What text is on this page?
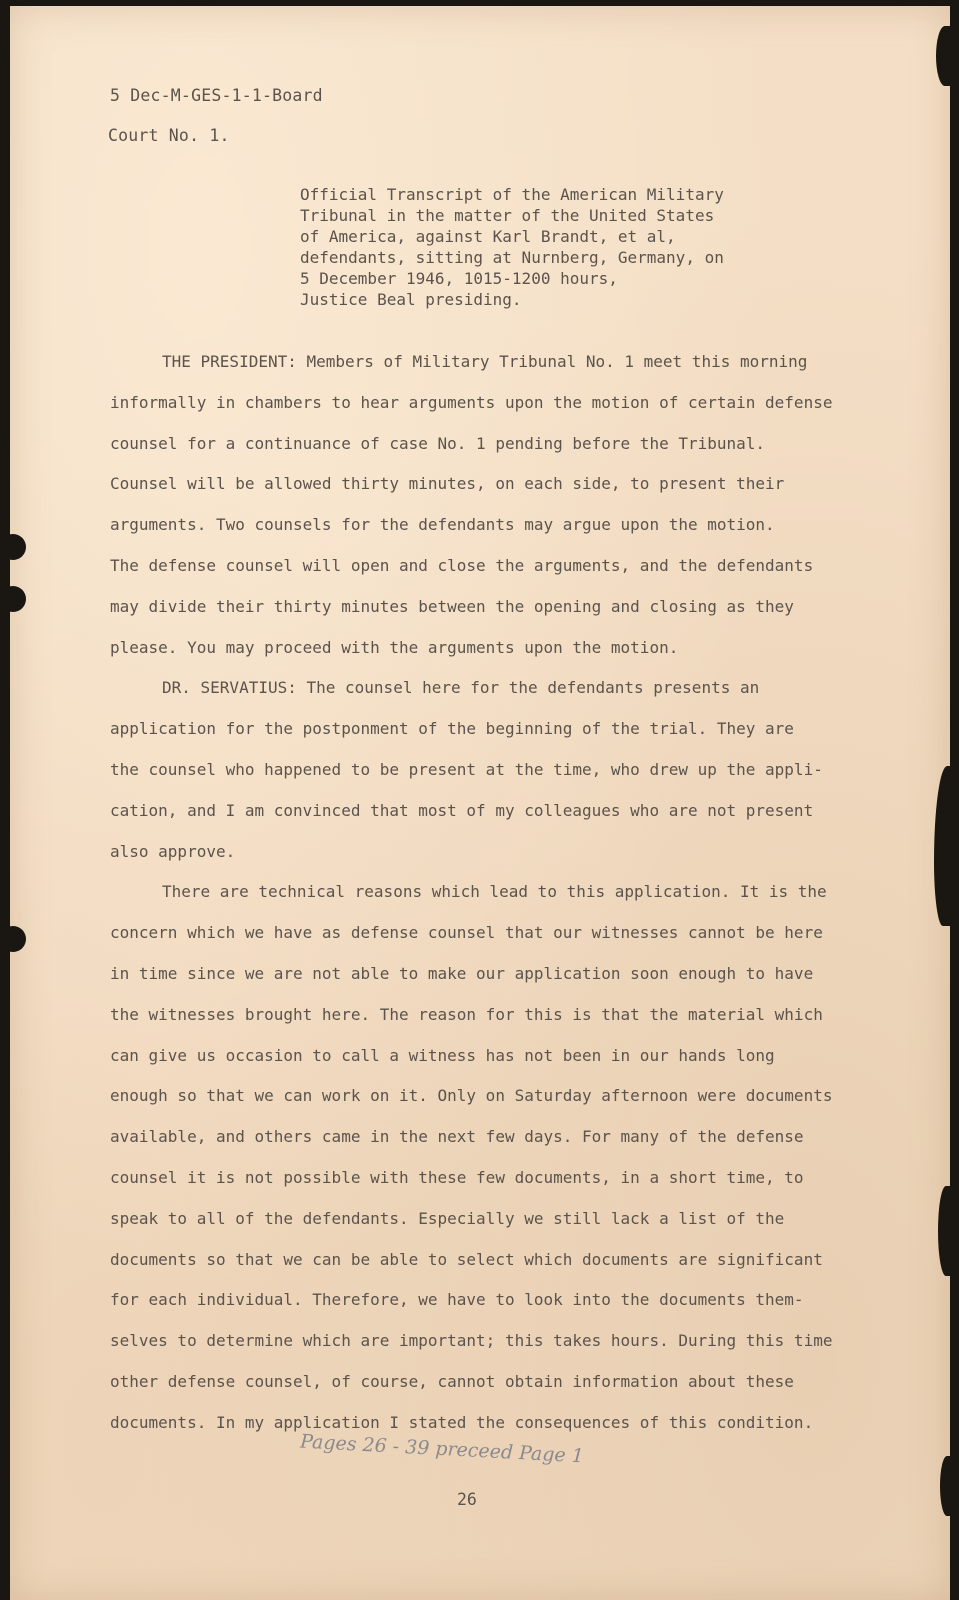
5 Dec-M-GES-1-1-Board
Court No. 1.
Official Transcript of the American Military
Tribunal in the matter of the United States
of America, against Karl Brandt, et al,
defendants, sitting at Nurnberg, Germany, on
5 December 1946, 1015-1200 hours,
Justice Beal presiding.
THE PRESIDENT: Members of Military Tribunal No. 1 meet this morning
informally in chambers to hear arguments upon the motion of certain defense
counsel for a continuance of case No. 1 pending before the Tribunal.
Counsel will be allowed thirty minutes, on each side, to present their
arguments. Two counsels for the defendants may argue upon the motion.
The defense counsel will open and close the arguments, and the defendants
may divide their thirty minutes between the opening and closing as they
please. You may proceed with the arguments upon the motion.
DR. SERVATIUS: The counsel here for the defendants presents an
application for the postponment of the beginning of the trial. They are
the counsel who happened to be present at the time, who drew up the appli-
cation, and I am convinced that most of my colleagues who are not present
also approve.
There are technical reasons which lead to this application. It is the
concern which we have as defense counsel that our witnesses cannot be here
in time since we are not able to make our application soon enough to have
the witnesses brought here. The reason for this is that the material which
can give us occasion to call a witness has not been in our hands long
enough so that we can work on it. Only on Saturday afternoon were documents
available, and others came in the next few days. For many of the defense
counsel it is not possible with these few documents, in a short time, to
speak to all of the defendants. Especially we still lack a list of the
documents so that we can be able to select which documents are significant
for each individual. Therefore, we have to look into the documents them-
selves to determine which are important; this takes hours. During this time
other defense counsel, of course, cannot obtain information about these
documents. In my application I stated the consequences of this condition.
Pages 26 - 39 preceed Page 1
26
